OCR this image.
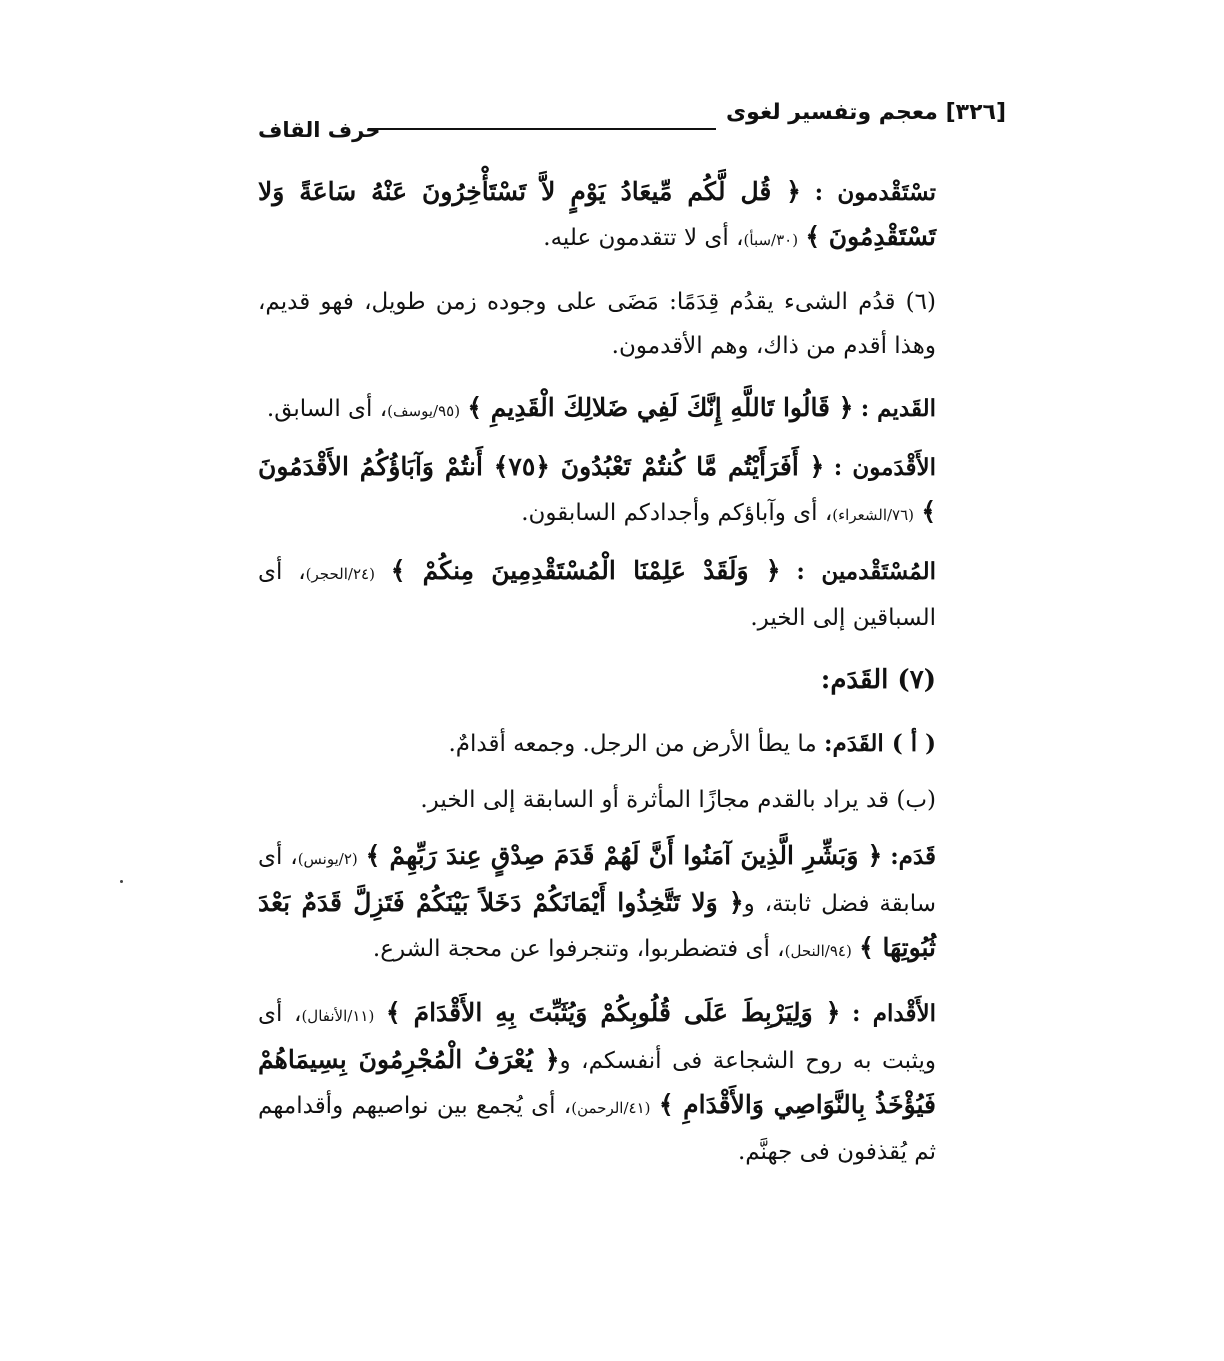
[٣٢٦] معجم وتفسير لغوى
حرف القاف

تسْتَقْدمون : ﴿ قُل لَّكُم مِّيعَادُ يَوْمٍ لاَّ تَسْتَأْخِرُونَ عَنْهُ سَاعَةً وَلا تَسْتَقْدِمُونَ ﴾ (٣٠/سبأ)، أى لا تتقدمون عليه.

(٦) قدُم الشىء يقدُم قِدَمًا: مَضَى على وجوده زمن طويل، فهو قديم، وهذا أقدم من ذاك، وهم الأقدمون.

القَديم : ﴿ قَالُوا تَاللَّهِ إِنَّكَ لَفِي ضَلالِكَ الْقَدِيمِ ﴾ (٩٥/يوسف)، أى السابق.

الأَقْدَمون : ﴿ أَفَرَأَيْتُم مَّا كُنتُمْ تَعْبُدُونَ ﴿٧٥﴾ أَنتُمْ وَآبَاؤُكُمُ الأَقْدَمُونَ ﴾ (٧٦/الشعراء)، أى وآباؤكم وأجدادكم السابقون.

المُسْتَقْدمين : ﴿ وَلَقَدْ عَلِمْنَا الْمُسْتَقْدِمِينَ مِنكُمْ ﴾ (٢٤/الحجر)، أى السباقين إلى الخير.

(٧) القَدَم:

( أ ) القَدَم: ما يطأ الأرض من الرجل. وجمعه أقدامٌ.

(ب) قد يراد بالقدم مجازًا المأثرة أو السابقة إلى الخير.

قَدَم: ﴿ وَبَشِّرِ الَّذِينَ آمَنُوا أَنَّ لَهُمْ قَدَمَ صِدْقٍ عِندَ رَبِّهِمْ ﴾ (٢/يونس)، أى سابقة فضل ثابتة، و﴿ وَلا تَتَّخِذُوا أَيْمَانَكُمْ دَخَلاً بَيْنَكُمْ فَتَزِلَّ قَدَمٌ بَعْدَ ثُبُوتِهَا ﴾ (٩٤/النحل)، أى فتضطربوا، وتنجرفوا عن محجة الشرع.

الأَقْدام : ﴿ وَلِيَرْبِطَ عَلَى قُلُوبِكُمْ وَيُثَبِّتَ بِهِ الأَقْدَامَ ﴾ (١١/الأنفال)، أى ويثبت به روح الشجاعة فى أنفسكم، و﴿ يُعْرَفُ الْمُجْرِمُونَ بِسِيمَاهُمْ فَيُؤْخَذُ بِالنَّوَاصِي وَالأَقْدَامِ ﴾ (٤١/الرحمن)، أى يُجمع بين نواصيهم وأقدامهم ثم يُقذفون فى جهنَّم.
